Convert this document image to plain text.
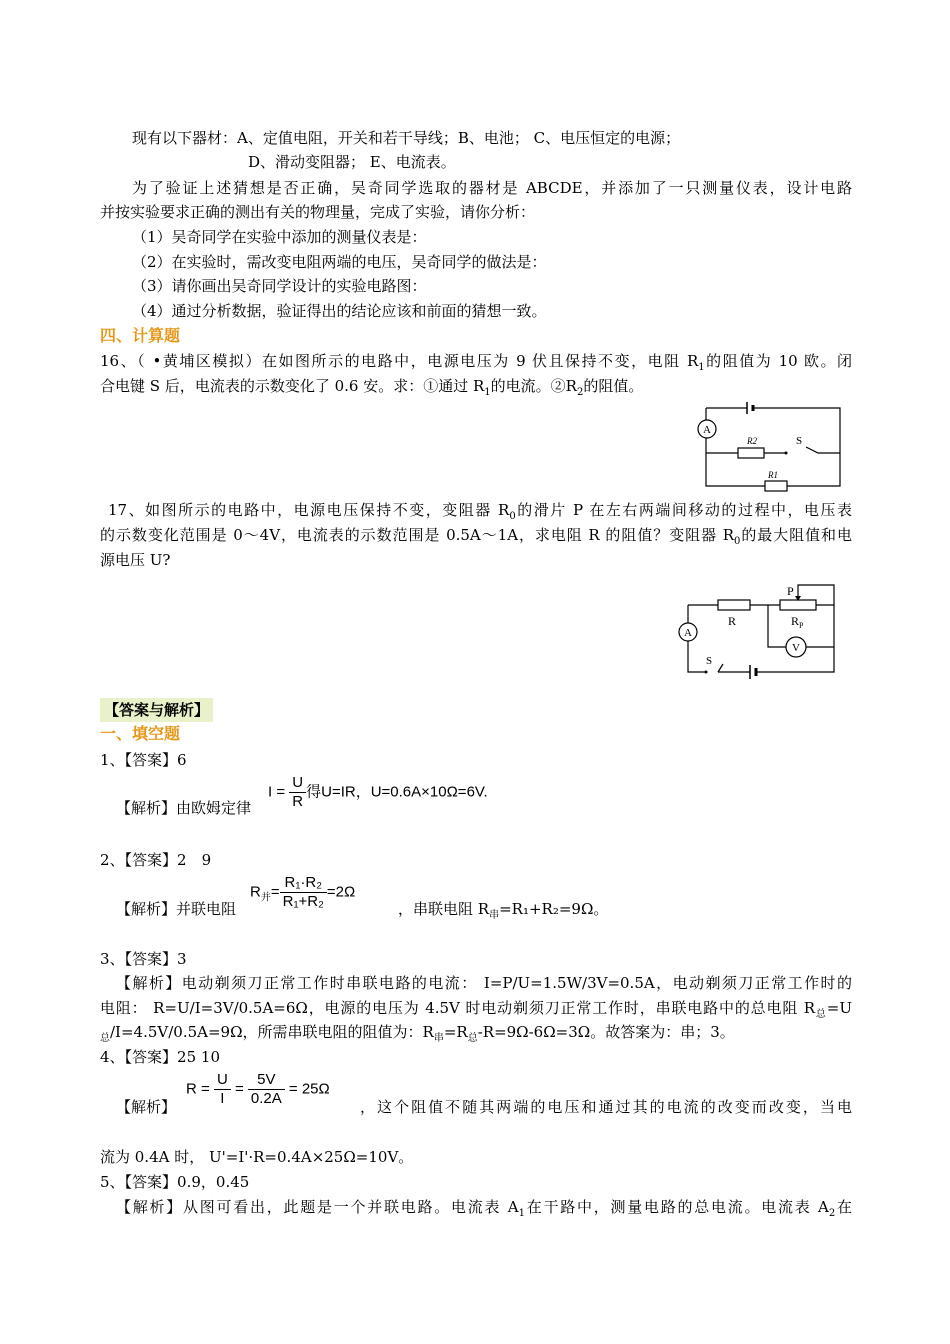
现有以下器材：A、定值电阻，开关和若干导线；B、电池； C、电压恒定的电源；
D、滑动变阻器； E、电流表。
为了验证上述猜想是否正确，吴奇同学选取的器材是 ABCDE，并添加了一只测量仪表，设计电路
并按实验要求正确的测出有关的物理量，完成了实验，请你分析：
（1）吴奇同学在实验中添加的测量仪表是：
（2）在实验时，需改变电阻两端的电压，吴奇同学的做法是：
（3）请你画出吴奇同学设计的实验电路图：
（4）通过分析数据，验证得出的结论应该和前面的猜想一致。
四、计算题
16、（ •黄埔区模拟）在如图所示的电路中，电源电压为 9 伏且保持不变，电阻 $R_1$的阻值为 10 欧。闭
合电键 S 后，电流表的示数变化了 0.6 安。求：①通过 $R_1$的电流。$②R_2$的阻值。
A
R2	S
R1
17、如图所示的电路中，电源电压保持不变，变阻器 $R_0$的滑片 P 在左右两端间移动的过程中，电压表
的示数变化范围是 0～4V，电流表的示数范围是 0.5A～1A，求电阻 R 的阻值？变阻器 $R_0$的最大阻值和电
源电压 U?
A
V
R	$R_P$
P
S
【答案与解析】
一、填空题
1、【答案】6
【解析】由欧姆定律
$I = \frac{U}{R}$ 得U=IR，U=0.6A×10Ω=6V.
2、【答案】2　9
【解析】并联电阻
$R_并= \frac{\text{R₁·R₂}}{\text{R₁+R₂}} =2\Omega$
，串联电阻 $R_串=R_1+R_2=9\Omega$。
3、【答案】3
【解析】电动剃须刀正常工作时串联电路的电流： I=P/U=1.5W/3V=0.5A，电动剃须刀正常工作时的
电阻： R=U/I=3V/0.5A=6Ω，电源的电压为 4.5V 时电动剃须刀正常工作时，串联电路中的总电阻 $R_总=U$
$_总$/I=4.5V/0.5A=9Ω，所需串联电阻的阻值为：$R_串=R_总-R=9\Omega-6\Omega=3\Omega$。故答案为：串；3。
4、【答案】25 10
【解析】
$R = \frac{U}{I} = \frac{5V}{0.2A} = 25\Omega$
，这个阻值不随其两端的电压和通过其的电流的改变而改变，当电
流为 0.4A 时， U'=I'·R=0.4A×25Ω=10V。
5、【答案】0.9，0.45
【解析】从图可看出，此题是一个并联电路。电流表 $A_1$在干路中，测量电路的总电流。电流表 $A_2$在
